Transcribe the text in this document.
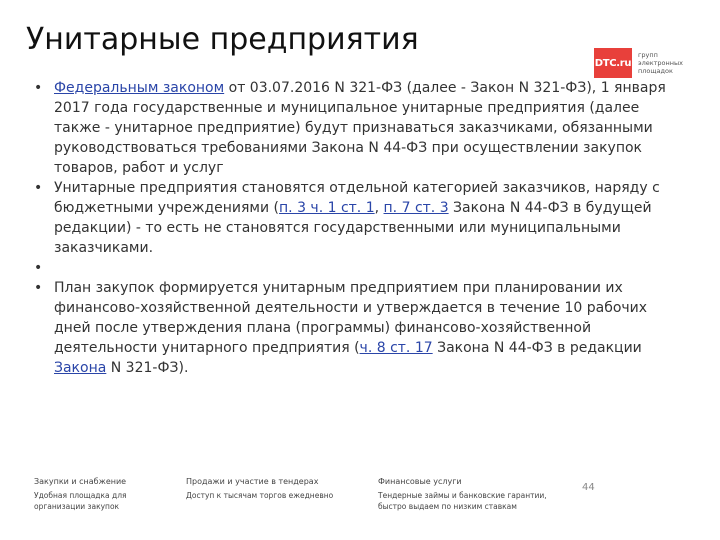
Унитарные предприятия
DTC.ru
групп
электронных
площадок
• Федеральным законом от 03.07.2016 N 321-ФЗ (далее - Закон N 321-ФЗ), 1 января 2017 года государственные и муниципальное унитарные предприятия (далее также - унитарное предприятие) будут признаваться заказчиками, обязанными руководствоваться требованиями Закона N 44-ФЗ при осуществлении закупок товаров, работ и услуг
• Унитарные предприятия становятся отдельной категорией заказчиков, наряду с бюджетными учреждениями (п. 3 ч. 1 ст. 1, п. 7 ст. 3 Закона N 44-ФЗ в будущей редакции) - то есть не становятся государственными или муниципальными заказчиками.
•

• План закупок формируется унитарным предприятием при планировании их финансово-хозяйственной деятельности и утверждается в течение 10 рабочих дней после утверждения плана (программы) финансово-хозяйственной деятельности унитарного предприятия (ч. 8 ст. 17 Закона N 44-ФЗ в редакции Закона N 321-ФЗ).
Закупки и снабжение
Удобная площадка для
организации закупок
Продажи и участие в тендерах
Доступ к тысячам торгов ежедневно
Финансовые услуги
Тендерные займы и банковские гарантии,
быстро выдаем по низким ставкам
44
